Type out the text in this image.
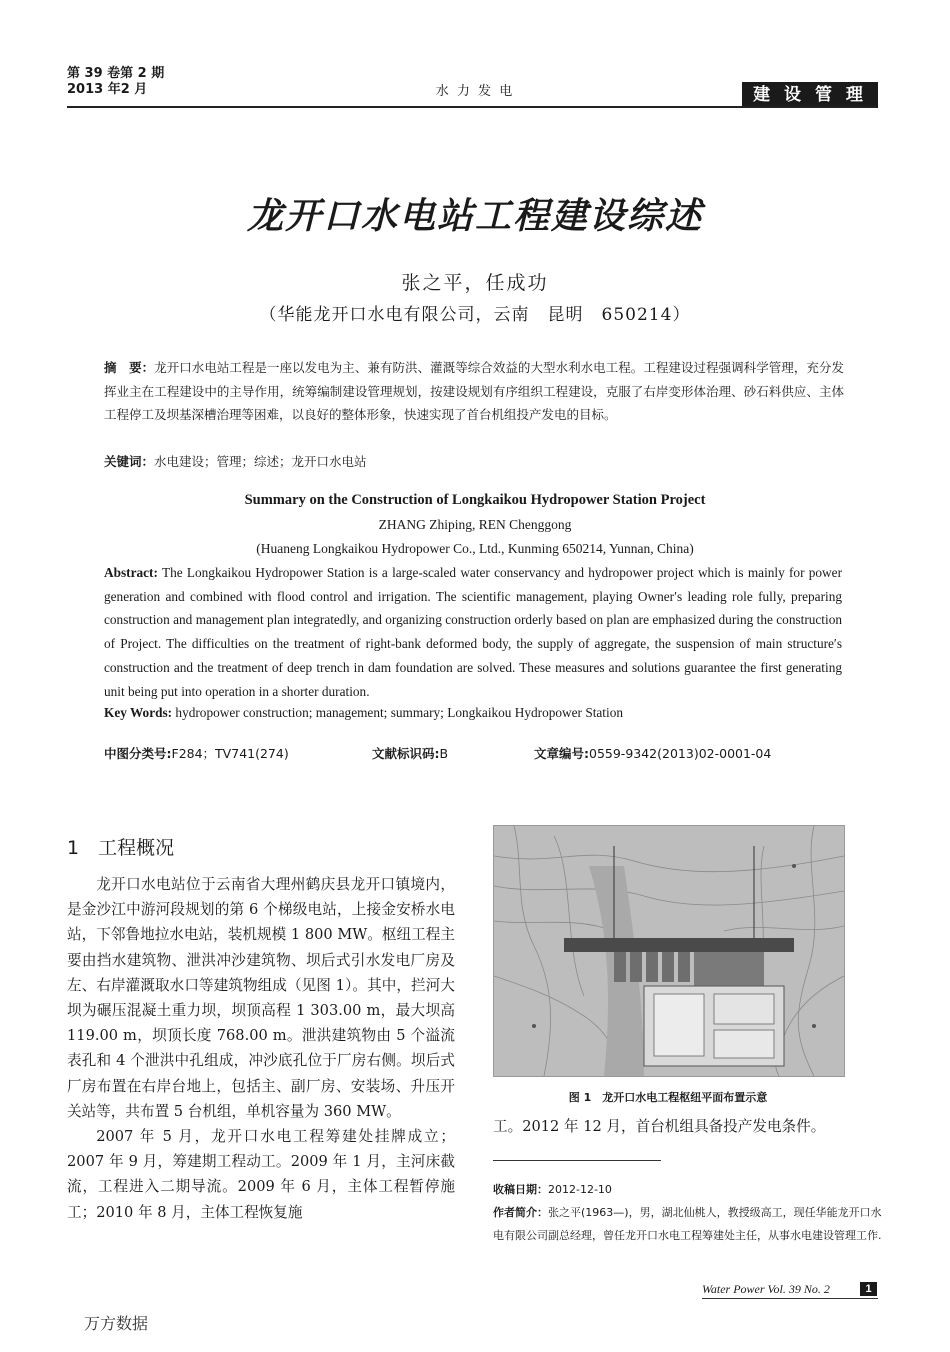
第 39 卷第 2 期
2013 年2 月	水 力 发 电	建 设 管 理
龙开口水电站工程建设综述
张之平，任成功
（华能龙开口水电有限公司，云南　昆明　650214）
摘　要：龙开口水电站工程是一座以发电为主、兼有防洪、灌溉等综合效益的大型水利水电工程。工程建设过程强调科学管理，充分发挥业主在工程建设中的主导作用，统筹编制建设管理规划，按建设规划有序组织工程建设，克服了右岸变形体治理、砂石料供应、主体工程停工及坝基深槽治理等困难，以良好的整体形象，快速实现了首台机组投产发电的目标。
关键词：水电建设；管理；综述；龙开口水电站
Summary on the Construction of Longkaikou Hydropower Station Project
ZHANG Zhiping, REN Chenggong
(Huaneng Longkaikou Hydropower Co., Ltd., Kunming 650214, Yunnan, China)
Abstract: The Longkaikou Hydropower Station is a large-scaled water conservancy and hydropower project which is mainly for power generation and combined with flood control and irrigation. The scientific management, playing Owner′s leading role fully, preparing construction and management plan integratedly, and organizing construction orderly based on plan are emphasized during the construction of Project. The difficulties on the treatment of right-bank deformed body, the supply of aggregate, the suspension of main structure′s construction and the treatment of deep trench in dam foundation are solved. These measures and solutions guarantee the first generating unit being put into operation in a shorter duration.
Key Words: hydropower construction; management; summary; Longkaikou Hydropower Station
中图分类号:F284；TV741(274)	文献标识码:B	文章编号:0559-9342(2013)02-0001-04
1　工程概况

龙开口水电站位于云南省大理州鹤庆县龙开口镇境内，是金沙江中游河段规划的第 6 个梯级电站，上接金安桥水电站，下邻鲁地拉水电站，装机规模 1 800 MW。枢纽工程主要由挡水建筑物、泄洪冲沙建筑物、坝后式引水发电厂房及左、右岸灌溉取水口等建筑物组成（见图 1）。其中，拦河大坝为碾压混凝土重力坝，坝顶高程 1 303.00 m，最大坝高 119.00 m，坝顶长度 768.00 m。泄洪建筑物由 5 个溢流表孔和 4 个泄洪中孔组成，冲沙底孔位于厂房右侧。坝后式厂房布置在右岸台地上，包括主、副厂房、安装场、升压开关站等，共布置 5 台机组，单机容量为 360 MW。

2007 年 5 月，龙开口水电工程筹建处挂牌成立；2007 年 9 月，筹建期工程动工。2009 年 1 月，主河床截流，工程进入二期导流。2009 年 6 月，主体工程暂停施工；2010 年 8 月，主体工程恢复施

图 1　龙开口水电工程枢纽平面布置示意
工。2012 年 12 月，首台机组具备投产发电条件。
收稿日期：2012-12-10
作者简介：张之平(1963—)，男，湖北仙桃人，教授级高工，现任华能龙开口水电有限公司副总经理，曾任龙开口水电工程筹建处主任，从事水电建设管理工作.
Water Power Vol. 39 No. 2	1
万方数据
